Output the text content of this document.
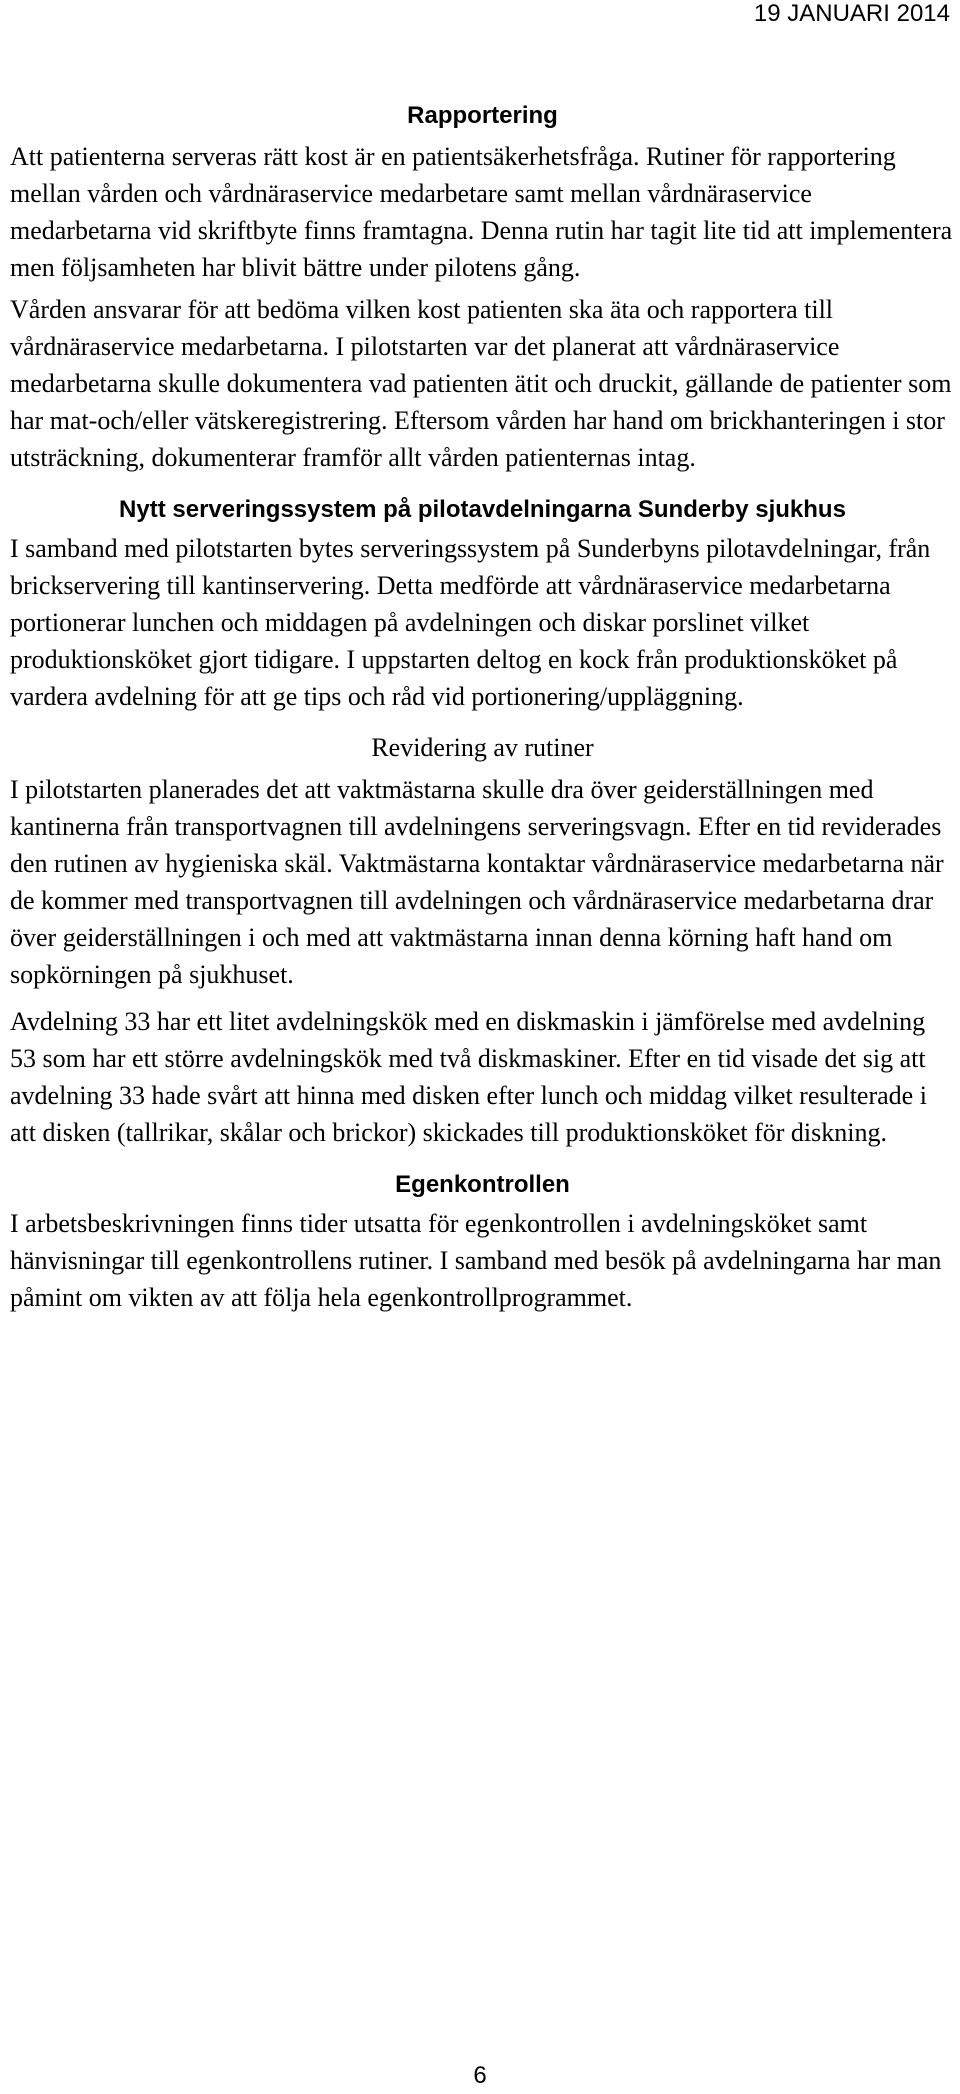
19 JANUARI 2014
Rapportering

Att patienterna serveras rätt kost är en patientsäkerhetsfråga. Rutiner för rapportering mellan vården och vårdnäraservice medarbetare samt mellan vårdnäraservice medarbetarna vid skriftbyte finns framtagna. Denna rutin har tagit lite tid att implementera men följsamheten har blivit bättre under pilotens gång.

Vården ansvarar för att bedöma vilken kost patienten ska äta och rapportera till vårdnäraservice medarbetarna. I pilotstarten var det planerat att vårdnäraservice medarbetarna skulle dokumentera vad patienten ätit och druckit, gällande de patienter som har mat-och/eller vätskeregistrering. Eftersom vården har hand om brickhanteringen i stor utsträckning, dokumenterar framför allt vården patienternas intag.

Nytt serveringssystem på pilotavdelningarna Sunderby sjukhus

I samband med pilotstarten bytes serveringssystem på Sunderbyns pilotavdelningar, från brickservering till kantinservering. Detta medförde att vårdnäraservice medarbetarna portionerar lunchen och middagen på avdelningen och diskar porslinet vilket produktionsköket gjort tidigare. I uppstarten deltog en kock från produktionsköket på vardera avdelning för att ge tips och råd vid portionering/uppläggning.

Revidering av rutiner

I pilotstarten planerades det att vaktmästarna skulle dra över geiderställningen med kantinerna från transportvagnen till avdelningens serveringsvagn. Efter en tid reviderades den rutinen av hygieniska skäl. Vaktmästarna kontaktar vårdnäraservice medarbetarna när de kommer med transportvagnen till avdelningen och vårdnäraservice medarbetarna drar över geiderställningen i och med att vaktmästarna innan denna körning haft hand om sopkörningen på sjukhuset.

Avdelning 33 har ett litet avdelningskök med en diskmaskin i jämförelse med avdelning 53 som har ett större avdelningskök med två diskmaskiner. Efter en tid visade det sig att avdelning 33 hade svårt att hinna med disken efter lunch och middag vilket resulterade i att disken (tallrikar, skålar och brickor) skickades till produktionsköket för diskning.

Egenkontrollen

I arbetsbeskrivningen finns tider utsatta för egenkontrollen i avdelningsköket samt hänvisningar till egenkontrollens rutiner. I samband med besök på avdelningarna har man påmint om vikten av att följa hela egenkontrollprogrammet.

6
